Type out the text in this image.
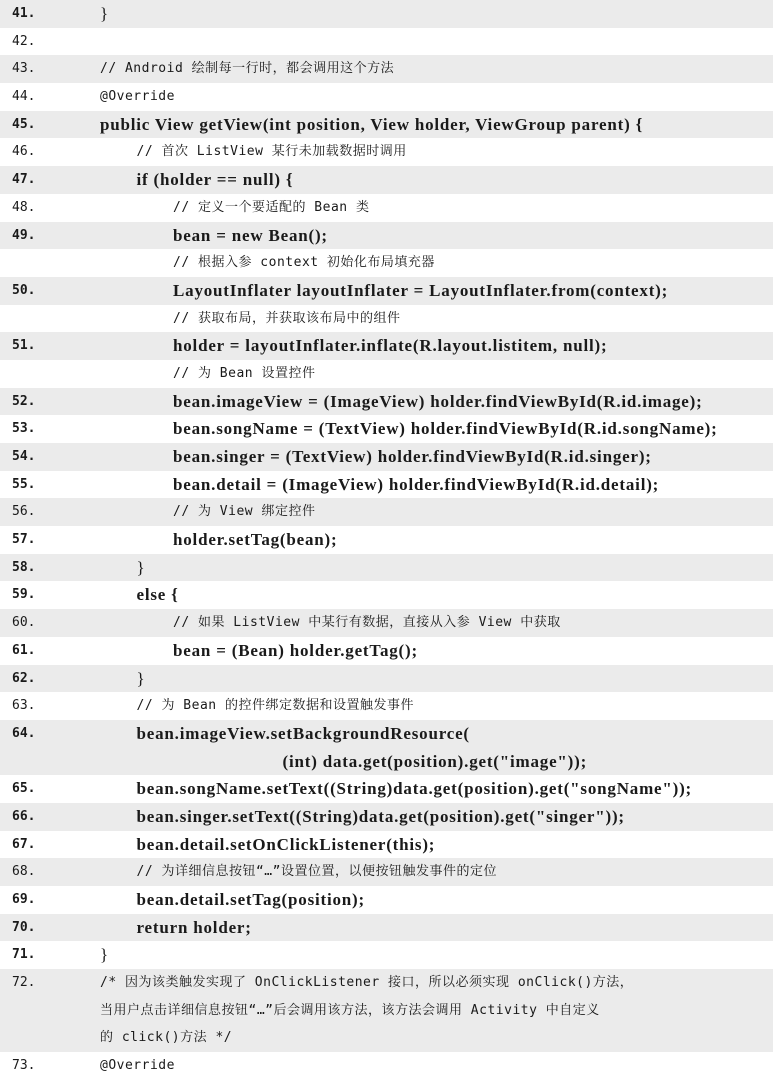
41.	}
42.
43.	// Android 绘制每一行时，都会调用这个方法
44.	@Override
45.	public View getView(int position, View holder, ViewGroup parent) {
46.	// 首次 ListView 某行未加载数据时调用
47.	if (holder == null) {
48.	// 定义一个要适配的 Bean 类
49.	bean = new Bean();
// 根据入参 context 初始化布局填充器
50.	LayoutInflater layoutInflater = LayoutInflater.from(context);
// 获取布局，并获取该布局中的组件
51.	holder = layoutInflater.inflate(R.layout.listitem, null);
// 为 Bean 设置控件
52.	bean.imageView = (ImageView) holder.findViewById(R.id.image);
53.	bean.songName = (TextView) holder.findViewById(R.id.songName);
54.	bean.singer = (TextView) holder.findViewById(R.id.singer);
55.	bean.detail = (ImageView) holder.findViewById(R.id.detail);
56.	// 为 View 绑定控件
57.	holder.setTag(bean);
58.	}
59.	else {
60.	// 如果 ListView 中某行有数据，直接从入参 View 中获取
61.	bean = (Bean) holder.getTag();
62.	}
63.	// 为 Bean 的控件绑定数据和设置触发事件
64.	bean.imageView.setBackgroundResource(
(int) data.get(position).get("image"));
65.	bean.songName.setText((String)data.get(position).get("songName"));
66.	bean.singer.setText((String)data.get(position).get("singer"));
67.	bean.detail.setOnClickListener(this);
68.	// 为详细信息按钮“…”设置位置，以便按钮触发事件的定位
69.	bean.detail.setTag(position);
70.	return holder;
71.	}
72.	/* 因为该类触发实现了 OnClickListener 接口，所以必须实现 onClick()方法，
当用户点击详细信息按钮“…”后会调用该方法，该方法会调用 Activity 中自定义
的 click()方法 */
73.	@Override
